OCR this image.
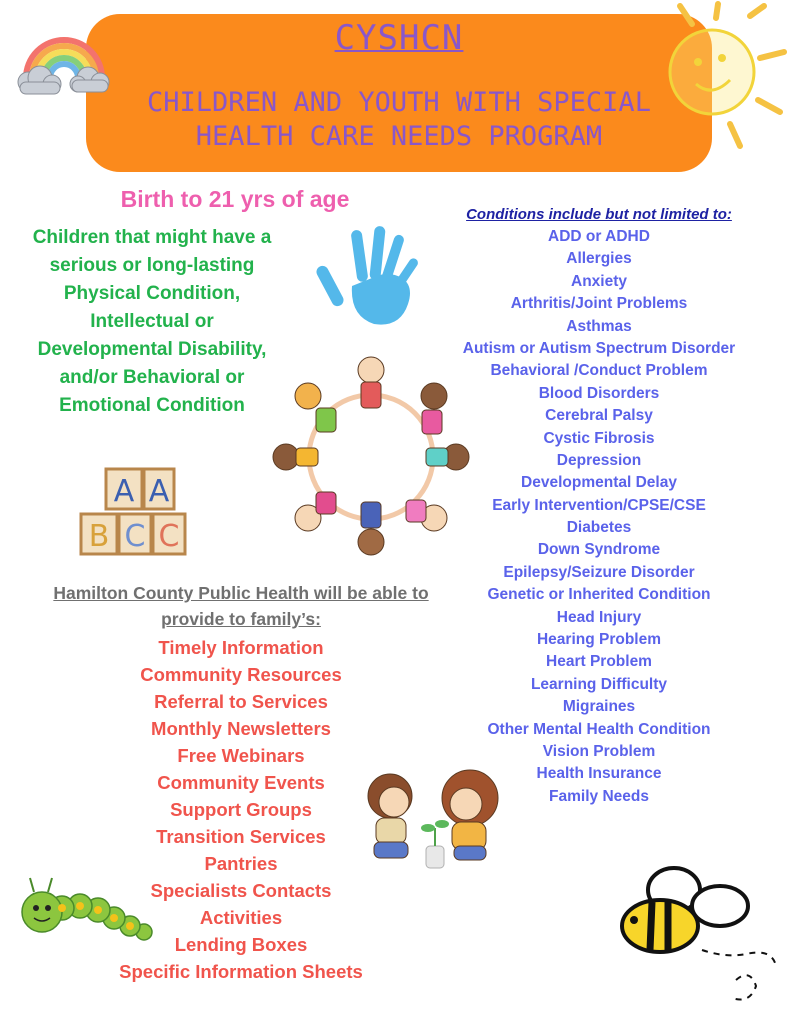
CYSHCN
CHILDREN AND YOUTH WITH SPECIAL
HEALTH CARE NEEDS PROGRAM
Birth to 21 yrs of age
Children that might have a
serious or long-lasting
Physical Condition,
Intellectual or
Developmental Disability,
and/or Behavioral or
Emotional Condition
A A
B C C
Conditions include but not limited to:
ADD or ADHD
Allergies
Anxiety
Arthritis/Joint Problems
Asthmas
Autism or Autism Spectrum Disorder
Behavioral /Conduct Problem
Blood Disorders
Cerebral Palsy
Cystic Fibrosis
Depression
Developmental Delay
Early Intervention/CPSE/CSE
Diabetes
Down Syndrome
Epilepsy/Seizure Disorder
Genetic or Inherited Condition
Head Injury
Hearing Problem
Heart Problem
Learning Difficulty
Migraines
Other Mental Health Condition
Vision Problem
Health Insurance
Family Needs
Hamilton County Public Health will be able to
provide to family’s:
Timely Information
Community Resources
Referral to Services
Monthly Newsletters
Free Webinars
Community Events
Support Groups
Transition Services
Pantries
Specialists Contacts
Activities
Lending Boxes
Specific Information Sheets
